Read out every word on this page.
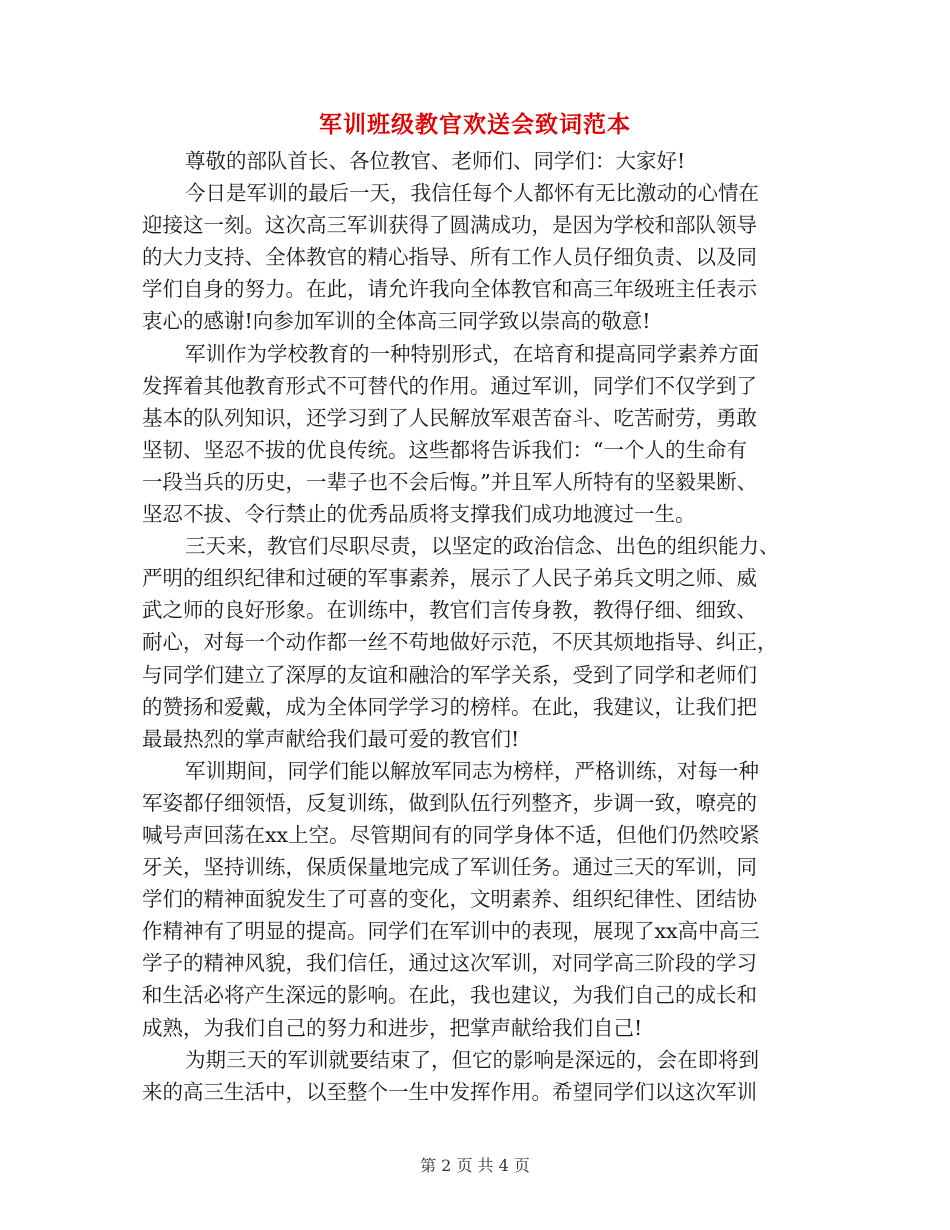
军训班级教官欢送会致词范本
尊敬的部队首长、各位教官、老师们、同学们：大家好!
今日是军训的最后一天，我信任每个人都怀有无比激动的心情在
迎接这一刻。这次高三军训获得了圆满成功，是因为学校和部队领导
的大力支持、全体教官的精心指导、所有工作人员仔细负责、以及同
学们自身的努力。在此，请允许我向全体教官和高三年级班主任表示
衷心的感谢!向参加军训的全体高三同学致以崇高的敬意!
军训作为学校教育的一种特别形式，在培育和提高同学素养方面
发挥着其他教育形式不可替代的作用。通过军训，同学们不仅学到了
基本的队列知识，还学习到了人民解放军艰苦奋斗、吃苦耐劳，勇敢
坚韧、坚忍不拔的优良传统。这些都将告诉我们：“一个人的生命有
一段当兵的历史，一辈子也不会后悔。”并且军人所特有的坚毅果断、
坚忍不拔、令行禁止的优秀品质将支撑我们成功地渡过一生。
三天来，教官们尽职尽责，以坚定的政治信念、出色的组织能力、
严明的组织纪律和过硬的军事素养，展示了人民子弟兵文明之师、威
武之师的良好形象。在训练中，教官们言传身教，教得仔细、细致、
耐心，对每一个动作都一丝不苟地做好示范，不厌其烦地指导、纠正，
与同学们建立了深厚的友谊和融洽的军学关系，受到了同学和老师们
的赞扬和爱戴，成为全体同学学习的榜样。在此，我建议，让我们把
最最热烈的掌声献给我们最可爱的教官们!
军训期间，同学们能以解放军同志为榜样，严格训练，对每一种
军姿都仔细领悟，反复训练，做到队伍行列整齐，步调一致，嘹亮的
喊号声回荡在xx上空。尽管期间有的同学身体不适，但他们仍然咬紧
牙关，坚持训练，保质保量地完成了军训任务。通过三天的军训，同
学们的精神面貌发生了可喜的变化，文明素养、组织纪律性、团结协
作精神有了明显的提高。同学们在军训中的表现，展现了xx高中高三
学子的精神风貌，我们信任，通过这次军训，对同学高三阶段的学习
和生活必将产生深远的影响。在此，我也建议，为我们自己的成长和
成熟，为我们自己的努力和进步，把掌声献给我们自己!
为期三天的军训就要结束了，但它的影响是深远的，会在即将到
来的高三生活中，以至整个一生中发挥作用。希望同学们以这次军训
第 2 页 共 4 页
